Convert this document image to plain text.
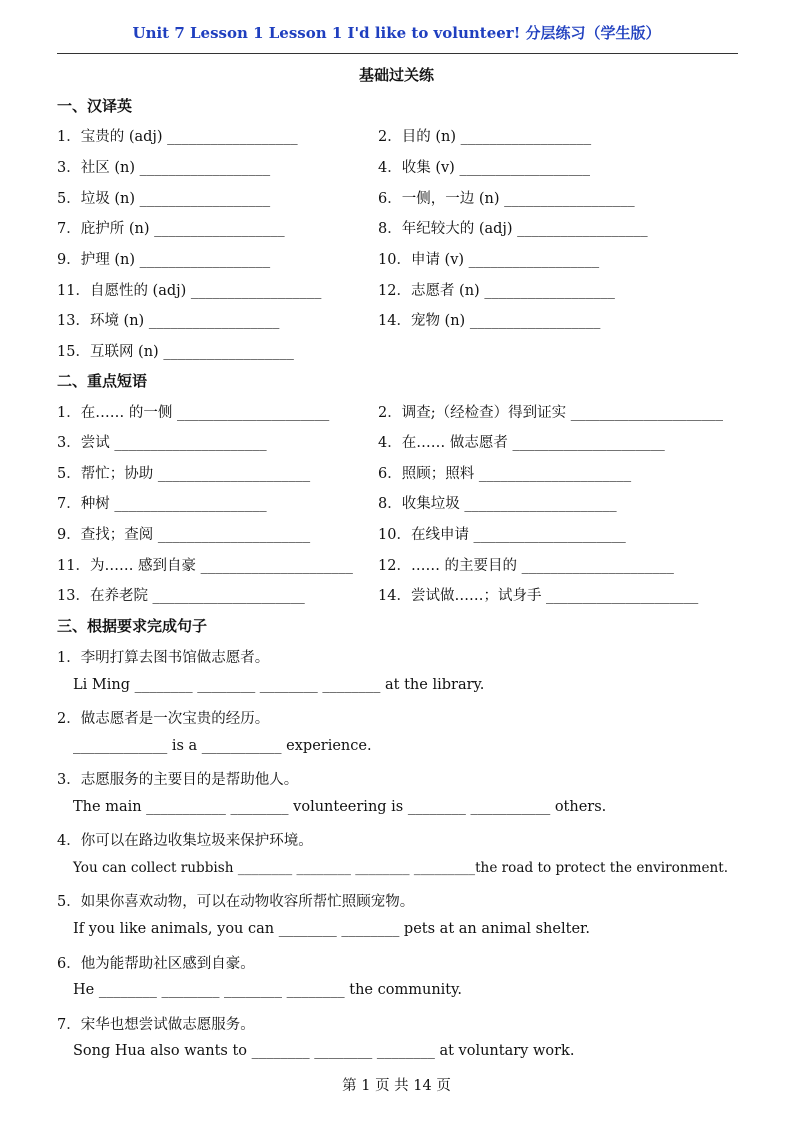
Unit 7 Lesson 1 Lesson 1 I'd like to volunteer! 分层练习（学生版）
基础过关练
一、汉译英
1．宝贵的 (adj) __________________	2．目的 (n) __________________
3．社区 (n) __________________	4．收集 (v) __________________
5．垃圾 (n) __________________	6．一侧，一边 (n) __________________
7．庇护所 (n) __________________	8．年纪较大的 (adj) __________________
9．护理 (n) __________________	10．申请 (v) __________________
11．自愿性的 (adj) __________________	12．志愿者 (n) __________________
13．环境 (n) __________________	14．宠物 (n) __________________
15．互联网 (n) __________________
二、重点短语
1．在…… 的一侧 _____________________	2．调查;（经检查）得到证实 _____________________
3．尝试 _____________________	4．在…… 做志愿者 _____________________
5．帮忙；协助 _____________________	6．照顾；照料 _____________________
7．种树 _____________________	8．收集垃圾 _____________________
9．查找；查阅 _____________________	10．在线申请 _____________________
11．为…… 感到自豪 _____________________ 12．…… 的主要目的 _____________________
13．在养老院 _____________________	14．尝试做……；试身手 _____________________
三、根据要求完成句子
1．李明打算去图书馆做志愿者。
Li Ming ________ ________ ________ ________ at the library.
2．做志愿者是一次宝贵的经历。
_____________ is a ___________ experience.
3．志愿服务的主要目的是帮助他人。
The main ___________ ________ volunteering is ________ ___________ others.
4．你可以在路边收集垃圾来保护环境。
You can collect rubbish ________ ________ ________ _________the road to protect the environment.
5．如果你喜欢动物，可以在动物收容所帮忙照顾宠物。
If you like animals, you can ________ ________ pets at an animal shelter.
6．他为能帮助社区感到自豪。
He ________ ________ ________ ________ the community.
7．宋华也想尝试做志愿服务。
Song Hua also wants to ________ ________ ________ at voluntary work.
第 1 页 共 14 页
